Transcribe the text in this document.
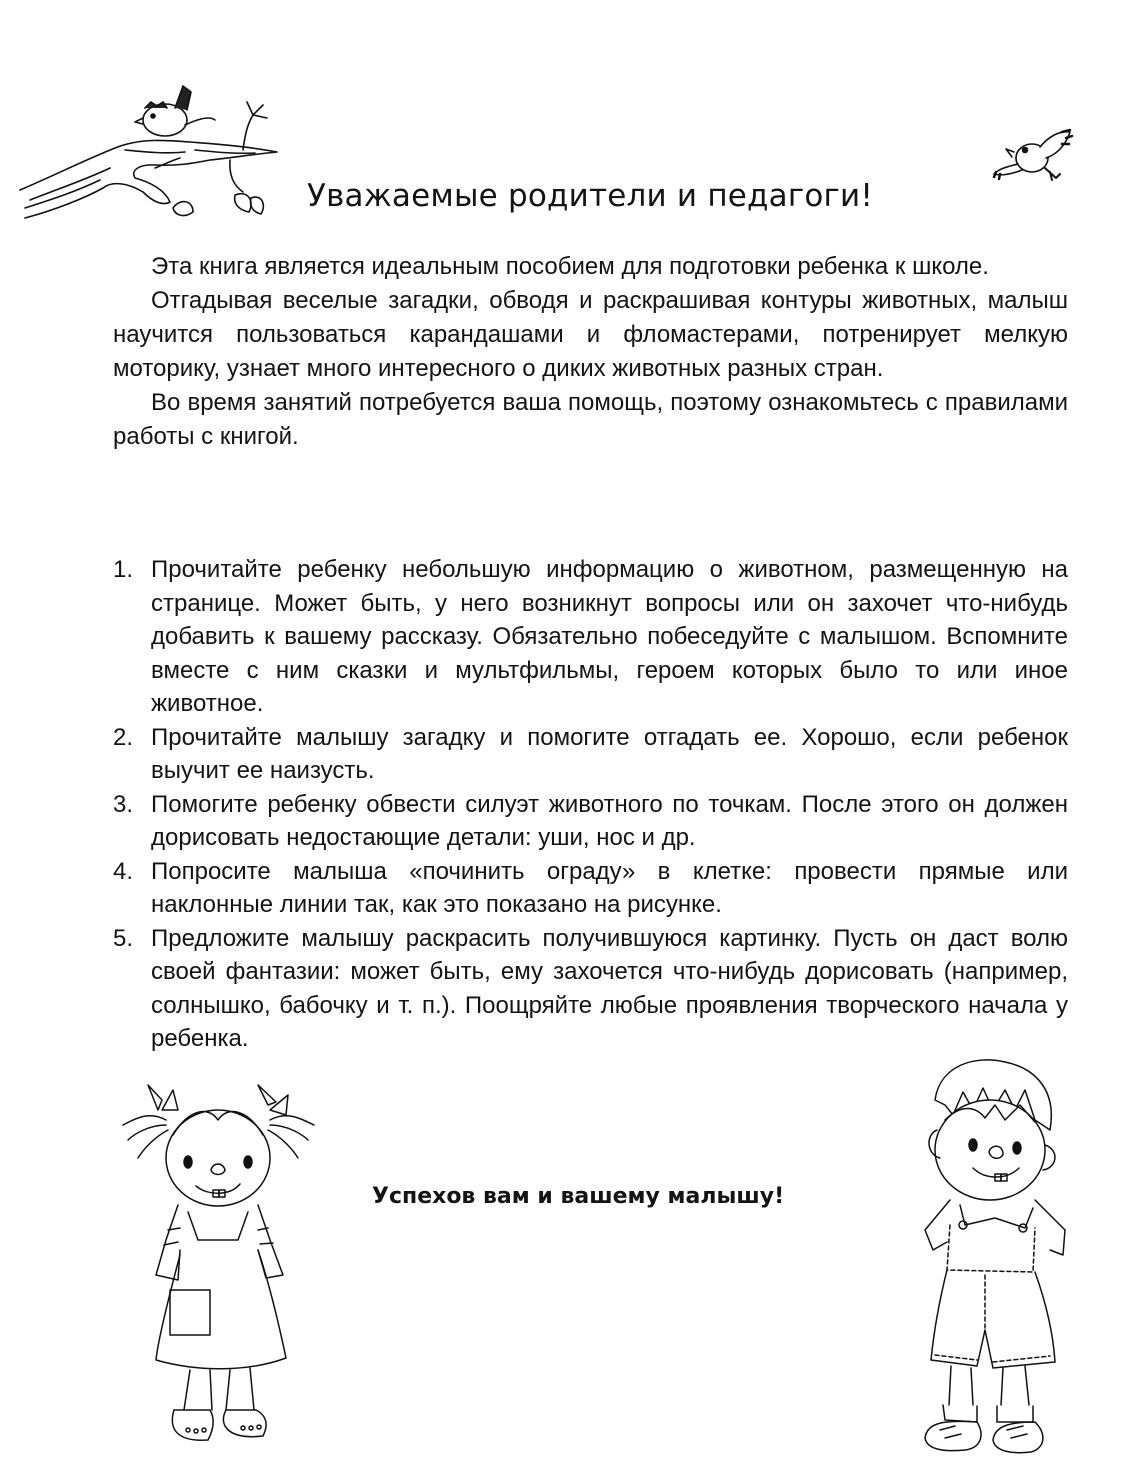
Уважаемые родители и педагоги!

Эта книга является идеальным пособием для подготовки ребенка к школе.

Отгадывая веселые загадки, обводя и раскрашивая контуры животных, малыш научится пользоваться карандашами и фломастерами, потренирует мелкую моторику, узнает много интересного о диких животных разных стран.

Во время занятий потребуется ваша помощь, поэтому ознакомьтесь с правилами работы с книгой.

1. Прочитайте ребенку небольшую информацию о животном, размещенную на странице. Может быть, у него возникнут вопросы или он захочет что-нибудь добавить к вашему рассказу. Обязательно побеседуйте с малышом. Вспомните вместе с ним сказки и мультфильмы, героем которых было то или иное животное.
2. Прочитайте малышу загадку и помогите отгадать ее. Хорошо, если ребенок выучит ее наизусть.
3. Помогите ребенку обвести силуэт животного по точкам. После этого он должен дорисовать недостающие детали: уши, нос и др.
4. Попросите малыша «починить ограду» в клетке: провести прямые или наклонные линии так, как это показано на рисунке.
5. Предложите малышу раскрасить получившуюся картинку. Пусть он даст волю своей фантазии: может быть, ему захочется что-нибудь дорисовать (например, солнышко, бабочку и т. п.). Поощряйте любые проявления творческого начала у ребенка.

Успехов вам и вашему малышу!
